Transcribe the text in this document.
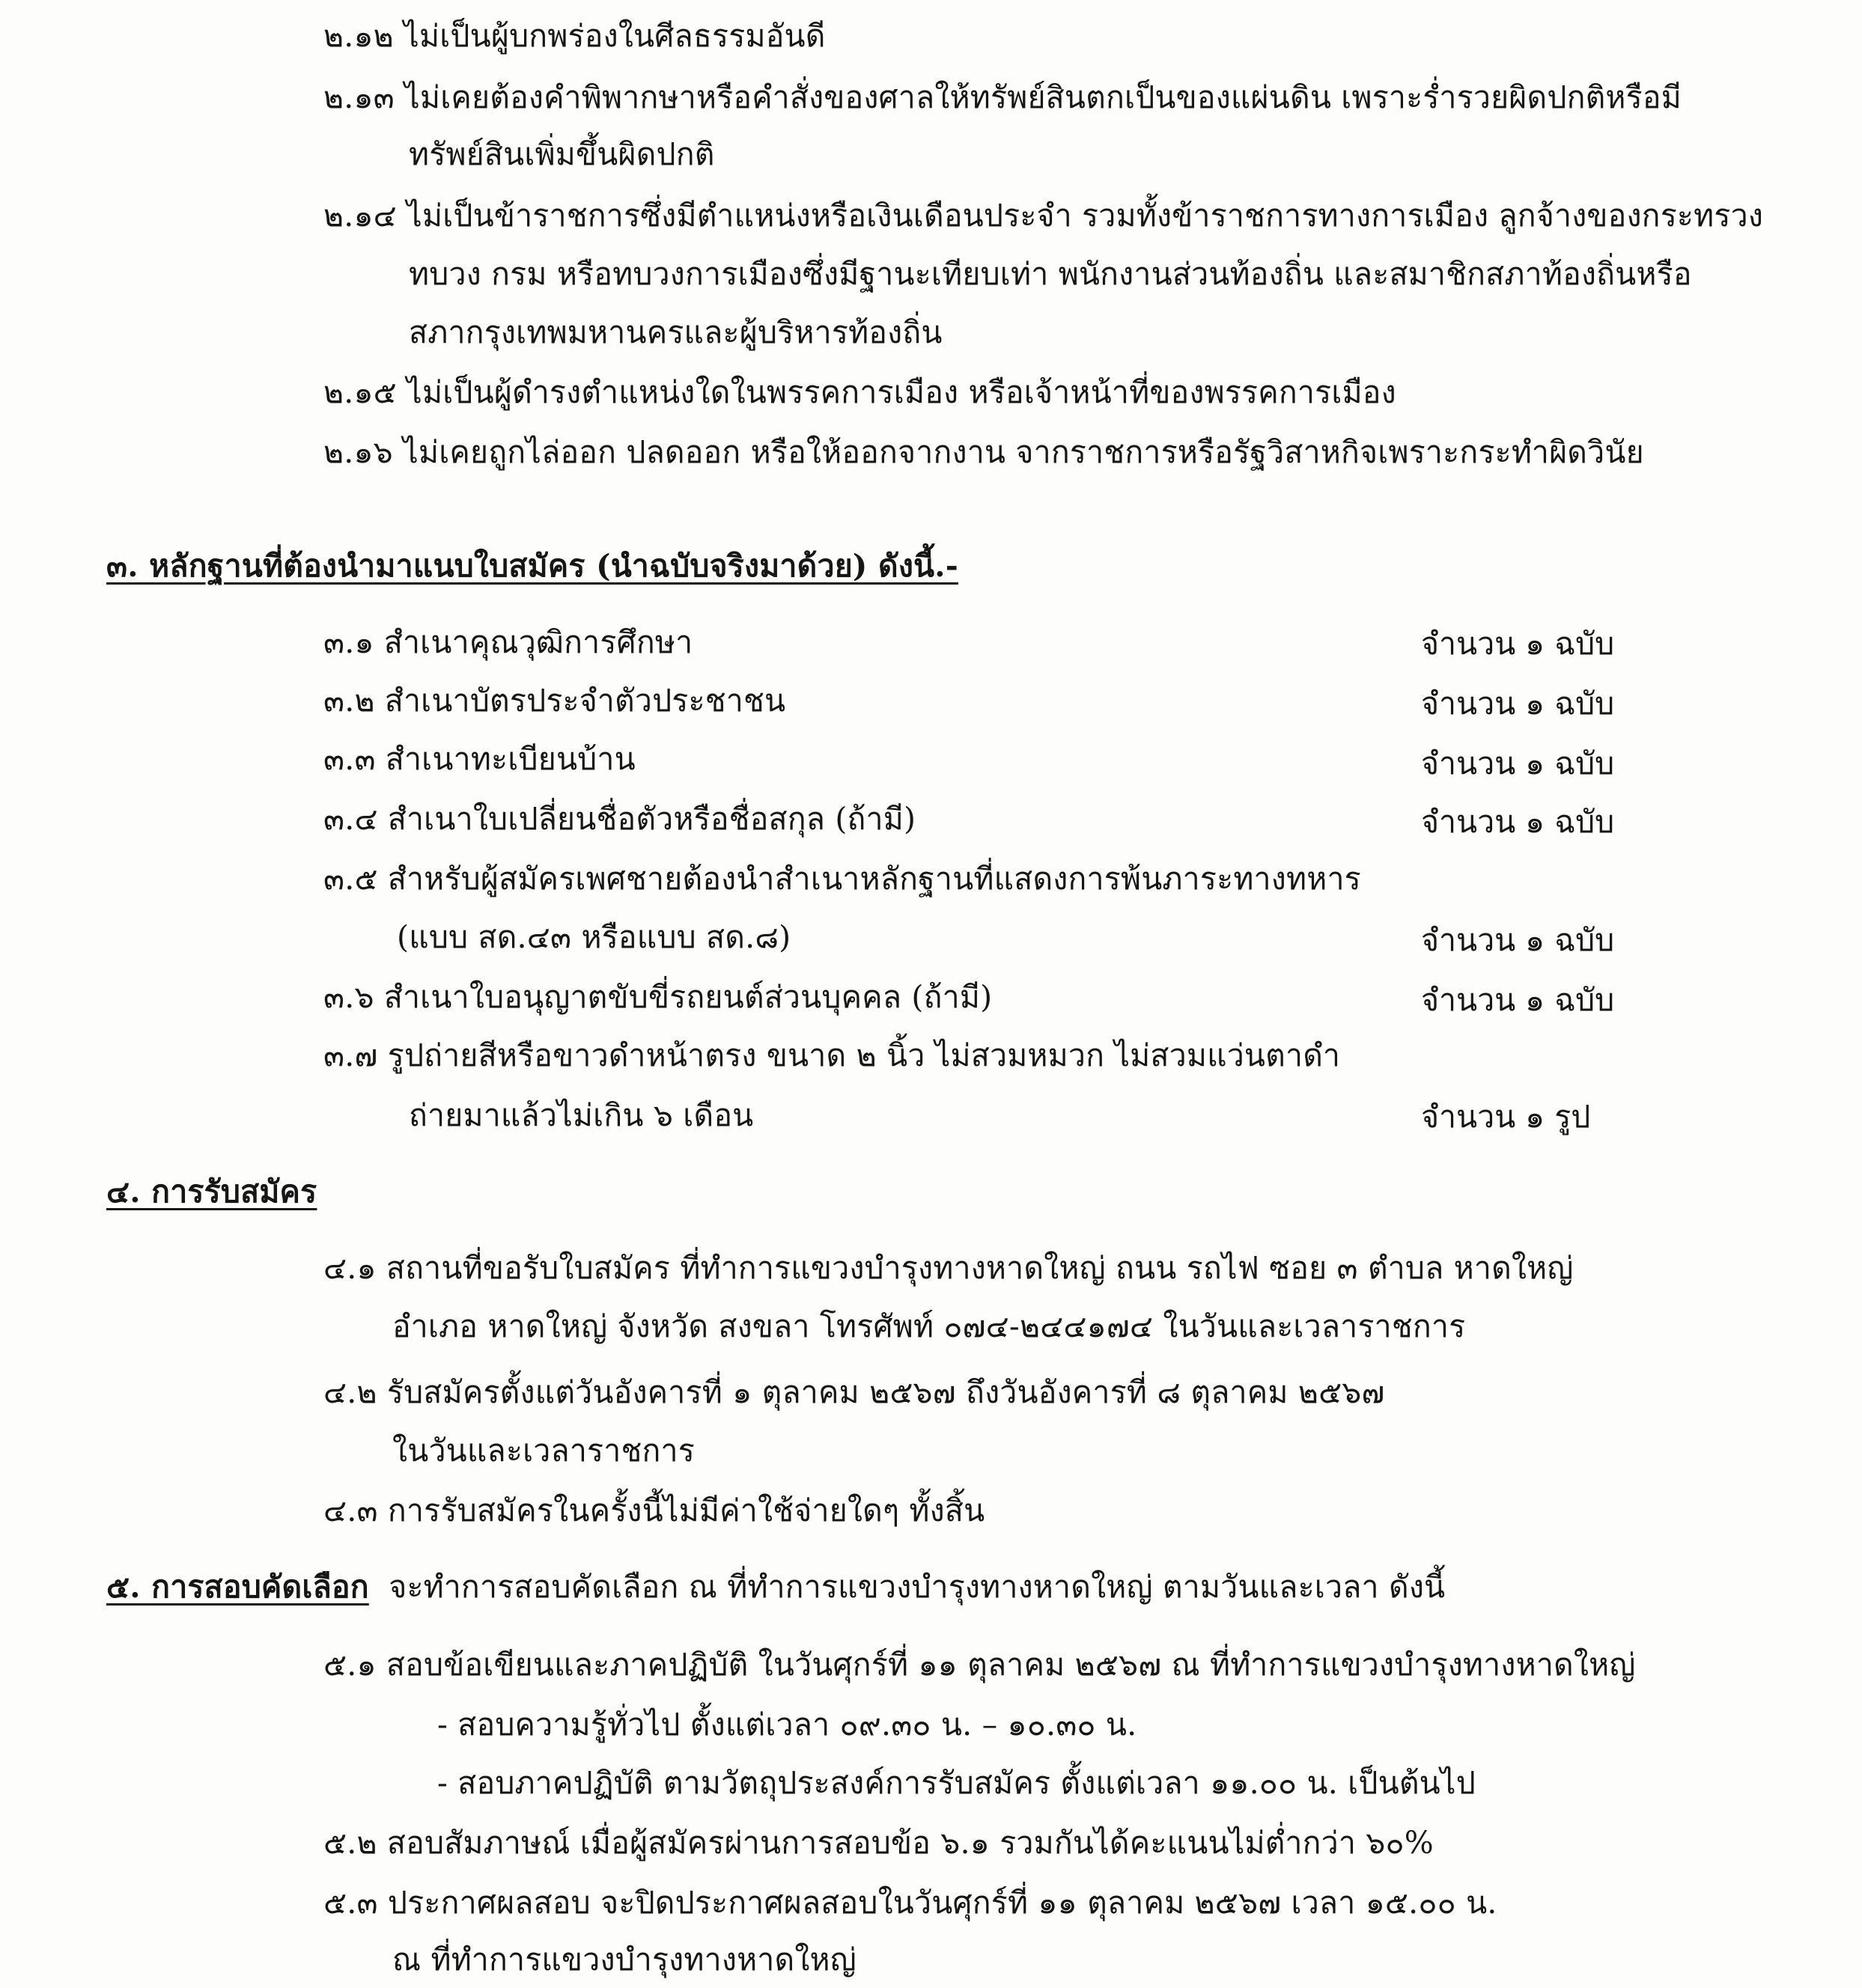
๒.๑๒ ไม่เป็นผู้บกพร่องในศีลธรรมอันดี
๒.๑๓ ไม่เคยต้องคำพิพากษาหรือคำสั่งของศาลให้ทรัพย์สินตกเป็นของแผ่นดิน เพราะร่ำรวยผิดปกติหรือมี
ทรัพย์สินเพิ่มขึ้นผิดปกติ
๒.๑๔ ไม่เป็นข้าราชการซึ่งมีตำแหน่งหรือเงินเดือนประจำ รวมทั้งข้าราชการทางการเมือง ลูกจ้างของกระทรวง
ทบวง กรม หรือทบวงการเมืองซึ่งมีฐานะเทียบเท่า พนักงานส่วนท้องถิ่น และสมาชิกสภาท้องถิ่นหรือ
สภากรุงเทพมหานครและผู้บริหารท้องถิ่น
๒.๑๕ ไม่เป็นผู้ดำรงตำแหน่งใดในพรรคการเมือง หรือเจ้าหน้าที่ของพรรคการเมือง
๒.๑๖ ไม่เคยถูกไล่ออก ปลดออก หรือให้ออกจากงาน จากราชการหรือรัฐวิสาหกิจเพราะกระทำผิดวินัย
๓. หลักฐานที่ต้องนำมาแนบใบสมัคร (นำฉบับจริงมาด้วย) ดังนี้.-
๓.๑ สำเนาคุณวุฒิการศึกษา	จำนวน ๑ ฉบับ
๓.๒ สำเนาบัตรประจำตัวประชาชน	จำนวน ๑ ฉบับ
๓.๓ สำเนาทะเบียนบ้าน	จำนวน ๑ ฉบับ
๓.๔ สำเนาใบเปลี่ยนชื่อตัวหรือชื่อสกุล (ถ้ามี)	จำนวน ๑ ฉบับ
๓.๕ สำหรับผู้สมัครเพศชายต้องนำสำเนาหลักฐานที่แสดงการพ้นภาระทางทหาร
(แบบ สด.๔๓ หรือแบบ สด.๘)	จำนวน ๑ ฉบับ
๓.๖ สำเนาใบอนุญาตขับขี่รถยนต์ส่วนบุคคล (ถ้ามี)	จำนวน ๑ ฉบับ
๓.๗ รูปถ่ายสีหรือขาวดำหน้าตรง ขนาด ๒ นิ้ว ไม่สวมหมวก ไม่สวมแว่นตาดำ
ถ่ายมาแล้วไม่เกิน ๖ เดือน	จำนวน ๑ รูป
๔. การรับสมัคร
๔.๑ สถานที่ขอรับใบสมัคร ที่ทำการแขวงบำรุงทางหาดใหญ่ ถนน รถไฟ ซอย ๓ ตำบล หาดใหญ่
อำเภอ หาดใหญ่ จังหวัด สงขลา โทรศัพท์ ๐๗๔-๒๔๔๑๗๔ ในวันและเวลาราชการ
๔.๒ รับสมัครตั้งแต่วันอังคารที่ ๑ ตุลาคม ๒๕๖๗ ถึงวันอังคารที่ ๘ ตุลาคม ๒๕๖๗
ในวันและเวลาราชการ
๔.๓ การรับสมัครในครั้งนี้ไม่มีค่าใช้จ่ายใดๆ ทั้งสิ้น
๕. การสอบคัดเลือก จะทำการสอบคัดเลือก ณ ที่ทำการแขวงบำรุงทางหาดใหญ่ ตามวันและเวลา ดังนี้
๕.๑ สอบข้อเขียนและภาคปฏิบัติ ในวันศุกร์ที่ ๑๑ ตุลาคม ๒๕๖๗ ณ ที่ทำการแขวงบำรุงทางหาดใหญ่
- สอบความรู้ทั่วไป ตั้งแต่เวลา ๐๙.๓๐ น. – ๑๐.๓๐ น.
- สอบภาคปฏิบัติ ตามวัตถุประสงค์การรับสมัคร ตั้งแต่เวลา ๑๑.๐๐ น. เป็นต้นไป
๕.๒ สอบสัมภาษณ์ เมื่อผู้สมัครผ่านการสอบข้อ ๖.๑ รวมกันได้คะแนนไม่ต่ำกว่า ๖๐%
๕.๓ ประกาศผลสอบ จะปิดประกาศผลสอบในวันศุกร์ที่ ๑๑ ตุลาคม ๒๕๖๗ เวลา ๑๕.๐๐ น.
ณ ที่ทำการแขวงบำรุงทางหาดใหญ่
